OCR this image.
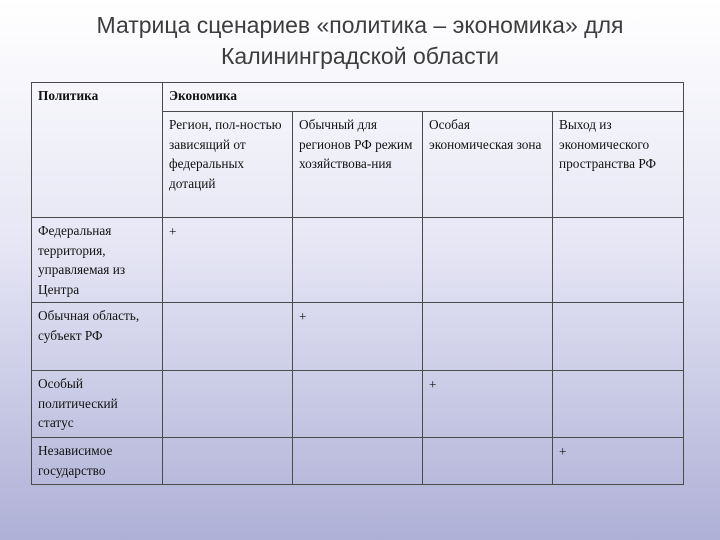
Матрица сценариев «политика – экономика» для
Калининградской области
Политика	Экономика			
	Регион, пол-ностью зависящий от федеральных дотаций	Обычный для регионов РФ режим хозяйствова-ния	Особая экономическая зона	Выход из экономического пространства РФ
Федеральная территория, управляемая из Центра	+			
Обычная область, субъект РФ		+		
Особый политический статус			+	
Независимое государство				+
